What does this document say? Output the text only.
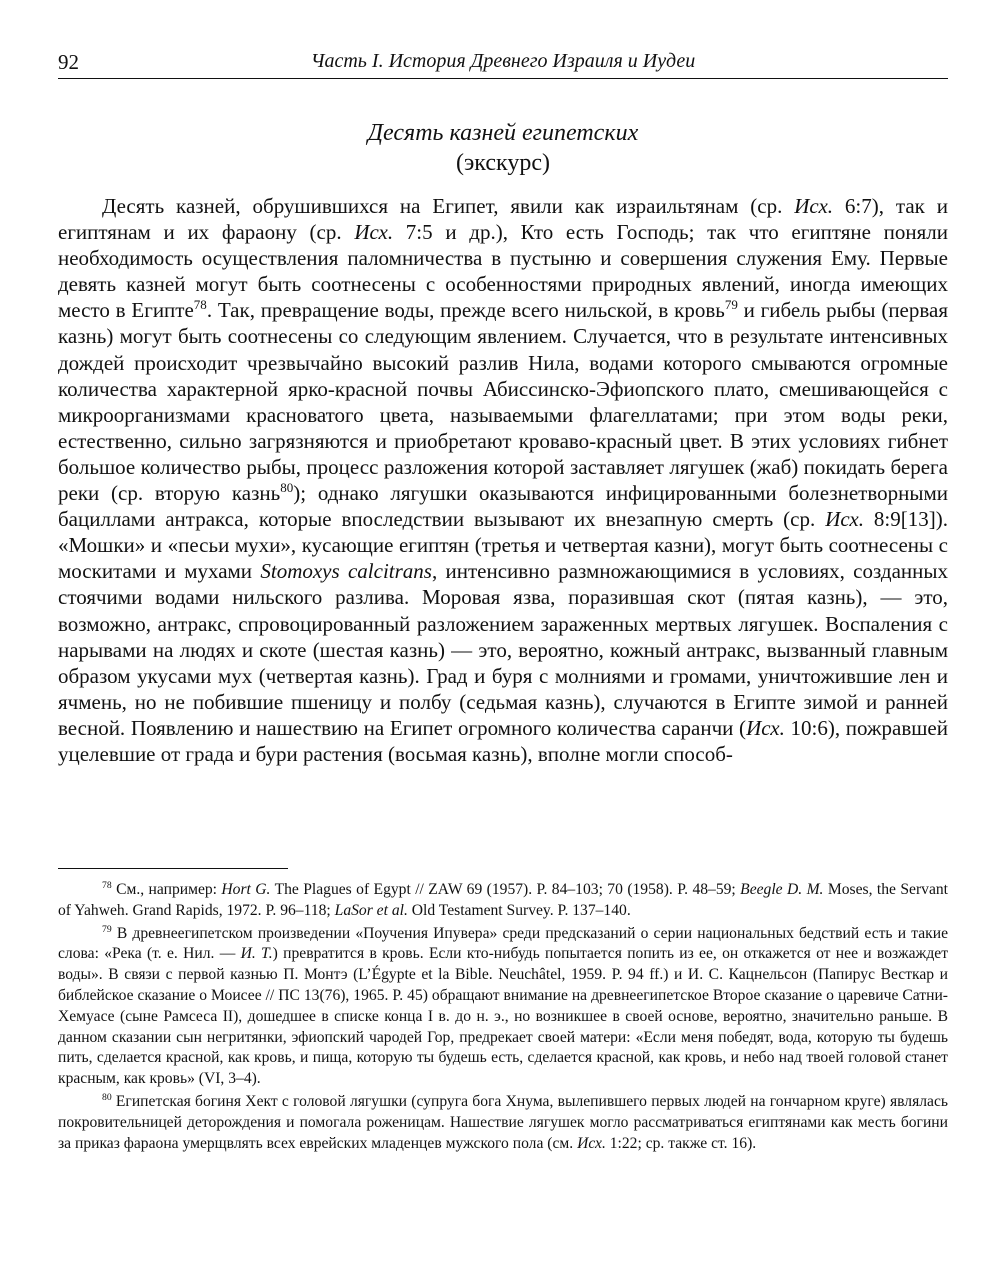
92	Часть I. История Древнего Израиля и Иудеи
Десять казней египетских
(экскурс)

Десять казней, обрушившихся на Египет, явили как израильтянам (ср. Исх. 6:7), так и египтянам и их фараону (ср. Исх. 7:5 и др.), Кто есть Господь; так что египтяне поняли необходимость осуществления паломничества в пустыню и совершения служения Ему. Первые девять казней могут быть соотнесены с особенностями природных явлений, иногда имеющих место в Египте$^{78}$. Так, превращение воды, прежде всего нильской, в кровь$^{79}$ и гибель рыбы (первая казнь) могут быть соотнесены со следующим явлением. Случается, что в результате интенсивных дождей происходит чрезвычайно высокий разлив Нила, водами которого смываются огромные количества характерной ярко-красной почвы Абиссинско-Эфиопского плато, смешивающейся с микроорганизмами красноватого цвета, называемыми флагеллатами; при этом воды реки, естественно, сильно загрязняются и приобретают кроваво-красный цвет. В этих условиях гибнет большое количество рыбы, процесс разложения которой заставляет лягушек (жаб) покидать берега реки (ср. вторую казнь$^{80}$); однако лягушки оказываются инфицированными болезнетворными бациллами антракса, которые впоследствии вызывают их внезапную смерть (ср. Исх. 8:9[13]). «Мошки» и «песьи мухи», кусающие египтян (третья и четвертая казни), могут быть соотнесены с москитами и мухами Stomoxys calcitrans, интенсивно размножающимися в условиях, созданных стоячими водами нильского разлива. Моровая язва, поразившая скот (пятая казнь), — это, возможно, антракс, спровоцированный разложением зараженных мертвых лягушек. Воспаления с нарывами на людях и скоте (шестая казнь) — это, вероятно, кожный антракс, вызванный главным образом укусами мух (четвертая казнь). Град и буря с молниями и громами, уничтожившие лен и ячмень, но не побившие пшеницу и полбу (седьмая казнь), случаются в Египте зимой и ранней весной. Появлению и нашествию на Египет огромного количества саранчи (Исх. 10:6), пожравшей уцелевшие от града и бури растения (восьмая казнь), вполне могли способ-

$^{78}$ См., например: Hort G. The Plagues of Egypt // ZAW 69 (1957). P. 84–103; 70 (1958). P. 48–59; Beegle D. M. Moses, the Servant of Yahweh. Grand Rapids, 1972. P. 96–118; LaSor et al. Old Testament Survey. P. 137–140.

$^{79}$ В древнеегипетском произведении «Поучения Ипувера» среди предсказаний о серии национальных бедствий есть и такие слова: «Река (т. е. Нил. — И. Т.) превратится в кровь. Если кто-нибудь попытается попить из ее, он откажется от нее и возжаждет воды». В связи с первой казнью П. Монтэ (L’Égypte et la Bible. Neuchâtel, 1959. P. 94 ff.) и И. С. Кацнельсон (Папирус Весткар и библейское сказание о Моисее // ПС 13(76), 1965. P. 45) обращают внимание на древнеегипетское Второе сказание о царевиче Сатни-Хемуасе (сыне Рамсеса II), дошедшее в списке конца I в. до н. э., но возникшее в своей основе, вероятно, значительно раньше. В данном сказании сын негритянки, эфиопский чародей Гор, предрекает своей матери: «Если меня победят, вода, которую ты будешь пить, сделается красной, как кровь, и пища, которую ты будешь есть, сделается красной, как кровь, и небо над твоей головой станет красным, как кровь» (VI, 3–4).

$^{80}$ Египетская богиня Хект с головой лягушки (супруга бога Хнума, вылепившего первых людей на гончарном круге) являлась покровительницей деторождения и помогала роженицам. Нашествие лягушек могло рассматриваться египтянами как месть богини за приказ фараона умерщвлять всех еврейских младенцев мужского пола (см. Исх. 1:22; ср. также ст. 16).
